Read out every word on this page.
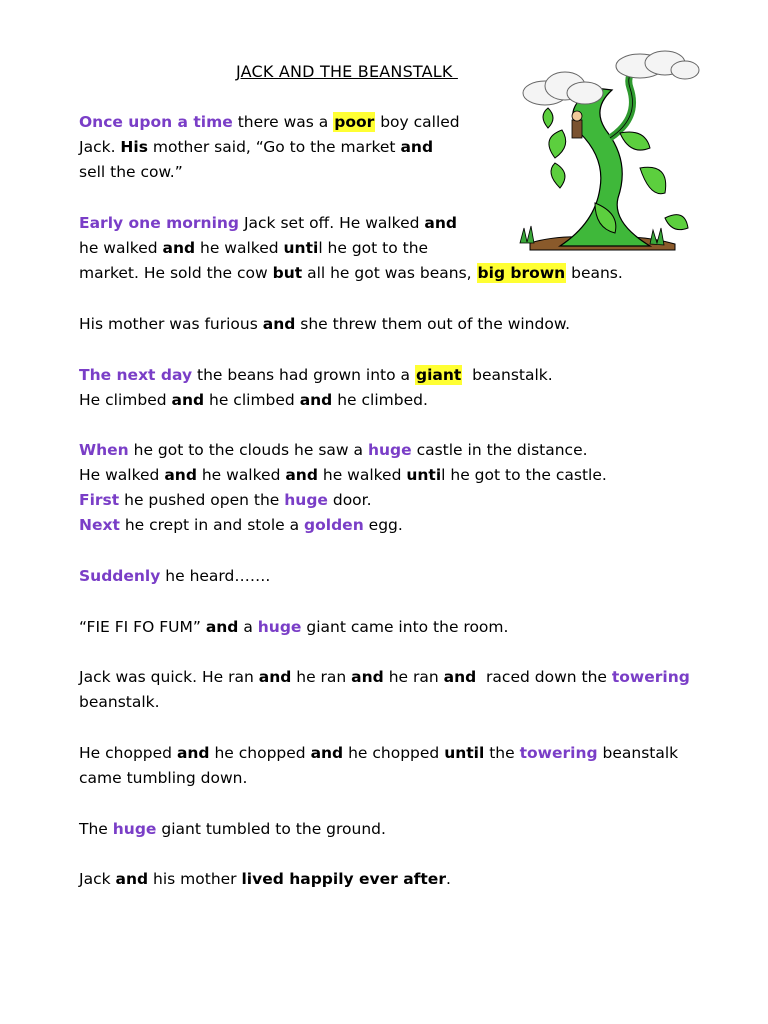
JACK AND THE BEANSTALK
Once upon a time there was a poor boy called
Jack. His mother said, “Go to the market and
sell the cow.”
Early one morning Jack set off. He walked and
he walked and he walked until he got to the
market. He sold the cow but all he got was beans, big brown beans.
His mother was furious and she threw them out of the window.
The next day the beans had grown into a giant  beanstalk.
He climbed and he climbed and he climbed.
When he got to the clouds he saw a huge castle in the distance.
He walked and he walked and he walked until he got to the castle.
First he pushed open the huge door.
Next he crept in and stole a golden egg.
Suddenly he heard…….
“FIE FI FO FUM” and a huge giant came into the room.
Jack was quick. He ran and he ran and he ran and  raced down the towering
beanstalk.
He chopped and he chopped and he chopped until the towering beanstalk
came tumbling down.
The huge giant tumbled to the ground.
Jack and his mother lived happily ever after.
